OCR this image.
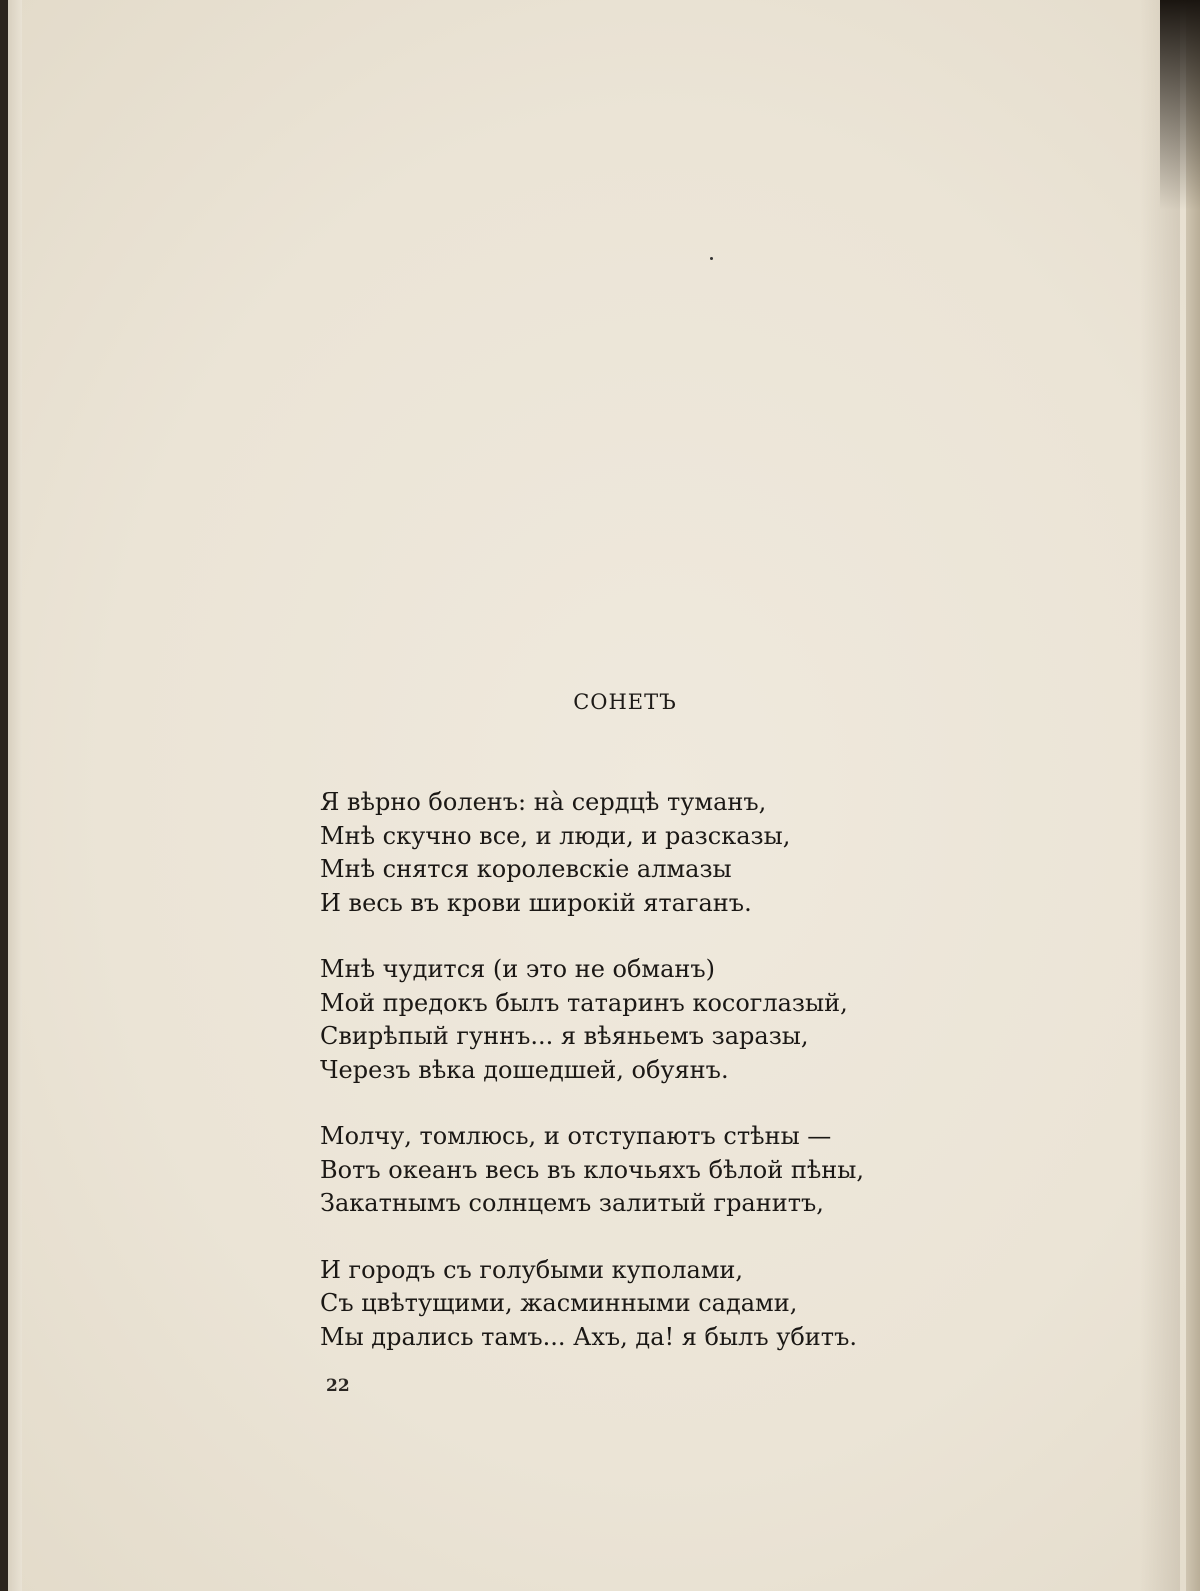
СОНЕТЪ
Я вѣрно боленъ: на̀ сердцѣ туманъ,
Мнѣ скучно все, и люди, и разсказы,
Мнѣ снятся королевскіе алмазы
И весь въ крови широкій ятаганъ.
Мнѣ чудится (и это не обманъ)
Мой предокъ былъ татаринъ косоглазый,
Свирѣпый гуннъ... я вѣяньемъ заразы,
Черезъ вѣка дошедшей, обуянъ.
Молчу, томлюсь, и отступаютъ стѣны —
Вотъ океанъ весь въ клочьяхъ бѣлой пѣны,
Закатнымъ солнцемъ залитый гранитъ,
И городъ съ голубыми куполами,
Съ цвѣтущими, жасминными садами,
Мы дрались тамъ... Ахъ, да! я былъ убитъ.
22
